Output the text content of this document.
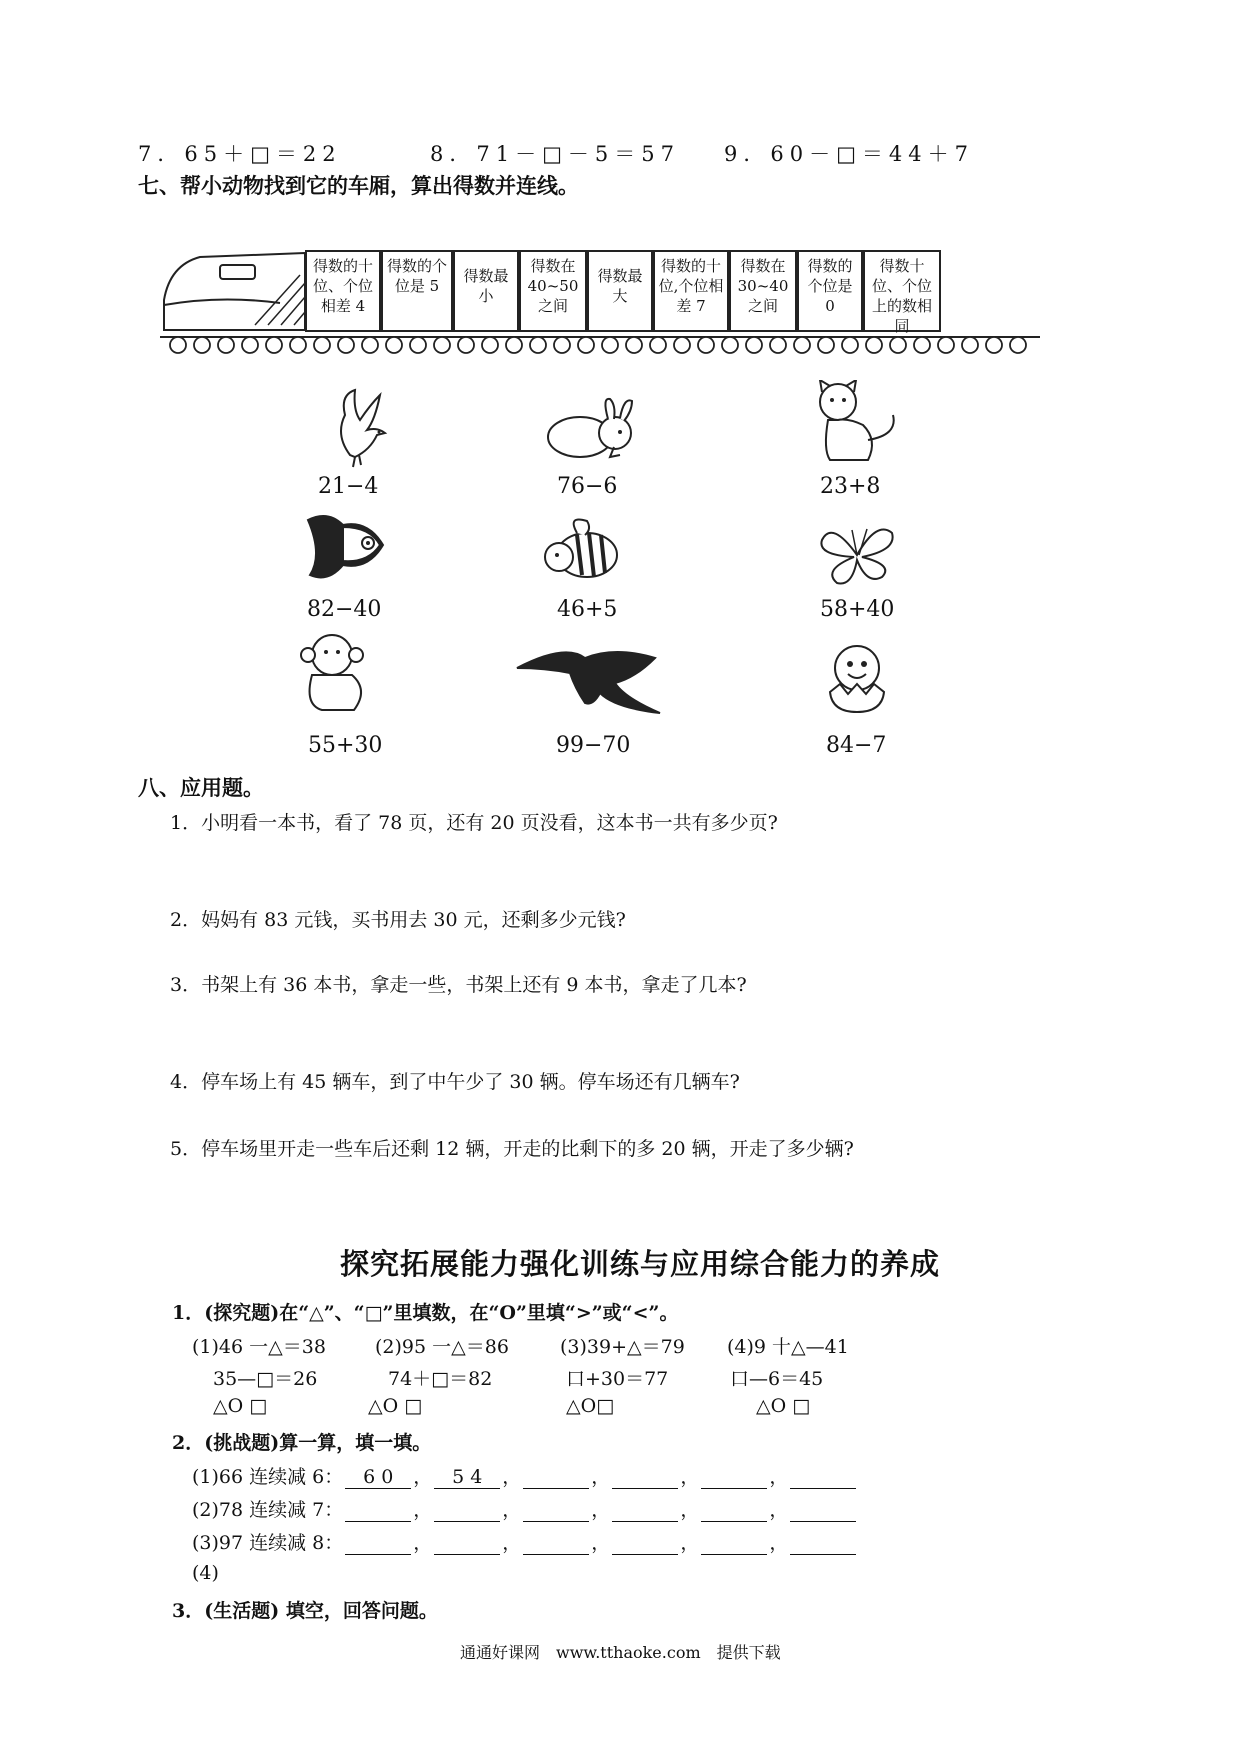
7．65＋□＝22	8．71－□－5＝57 9．60－□＝44＋7
七、帮小动物找到它的车厢，算出得数并连线。
得数的十位、个位相差 4
得数的个位是 5
得数最小
得数在 40~50 之间
得数最大
得数的十位,个位相差 7
得数在 30~40 之间
得数的个位是 0
得数十位、个位上的数相同
21−4	76−6	23+8
82−40	46+5	58+40
55+30	99−70	84−7
八、应用题。
1．小明看一本书，看了 78 页，还有 20 页没看，这本书一共有多少页?
2．妈妈有 83 元钱，买书用去 30 元，还剩多少元钱?
3．书架上有 36 本书，拿走一些，书架上还有 9 本书，拿走了几本?
4．停车场上有 45 辆车，到了中午少了 30 辆。停车场还有几辆车?
5．停车场里开走一些车后还剩 12 辆，开走的比剩下的多 20 辆，开走了多少辆?
探究拓展能力强化训练与应用综合能力的养成
1．(探究题)在“△”、“□”里填数，在“O”里填“>”或“<”。
(1)46 一△＝38	(2)95 一△＝86	(3)39+△＝79 (4)9 十△—41
35—□＝26	74＋□＝82	口+30＝77	口—6＝45
△O □	△O □	△O□	△O □
2．(挑战题)算一算，填一填。
(1)66 连续减 6： 6 0 ， 5 4 ，	，	，	，
(2)78 连续减 7：	，	，	，	，	，
(3)97 连续减 8：	，	，	，	，	，
(4)
3．(生活题) 填空，回答问题。
通通好课网　www.tthaoke.com　提供下载
